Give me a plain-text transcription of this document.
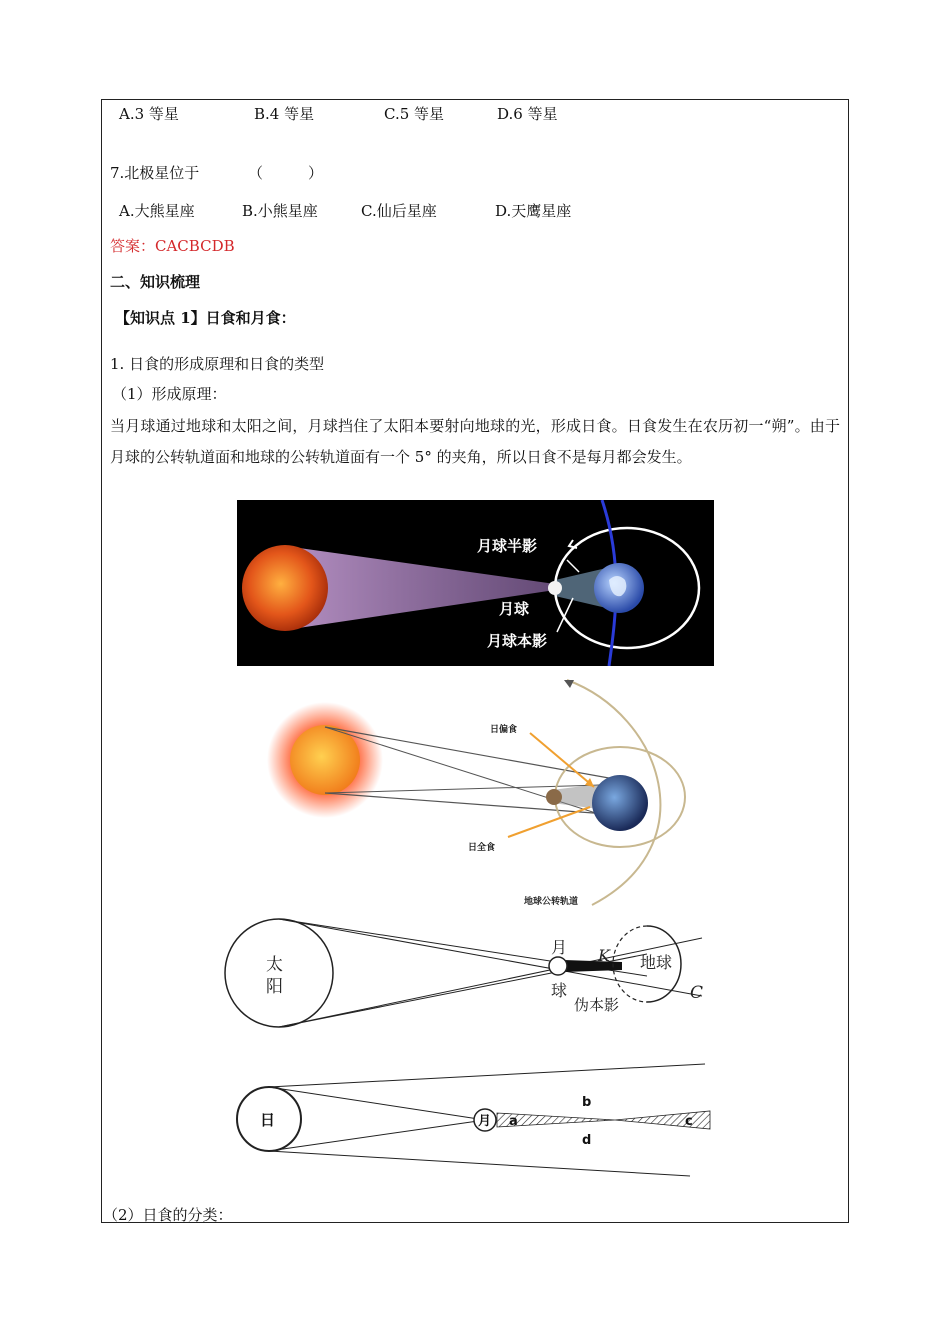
A.3 等星	B.4 等星	C.5 等星	D.6 等星
7.北极星位于	（　　　）
A.大熊星座	B.小熊星座	C.仙后星座	D.天鹰星座
答案：CACBCDB
二、知识梳理
【知识点 1】日食和月食：
1. 日食的形成原理和日食的类型
（1）形成原理：
当月球通过地球和太阳之间，月球挡住了太阳本要射向地球的光，形成日食。日食发生在农历初一“朔”。由于月球的公转轨道面和地球的公转轨道面有一个 5° 的夹角，所以日食不是每月都会发生。
月球半影
月球
月球本影
日偏食
日全食
地球公转轨道
太
阳
月
球
K 地球
C
伪本影
日	月 a
b
c
d
（2）日食的分类：
